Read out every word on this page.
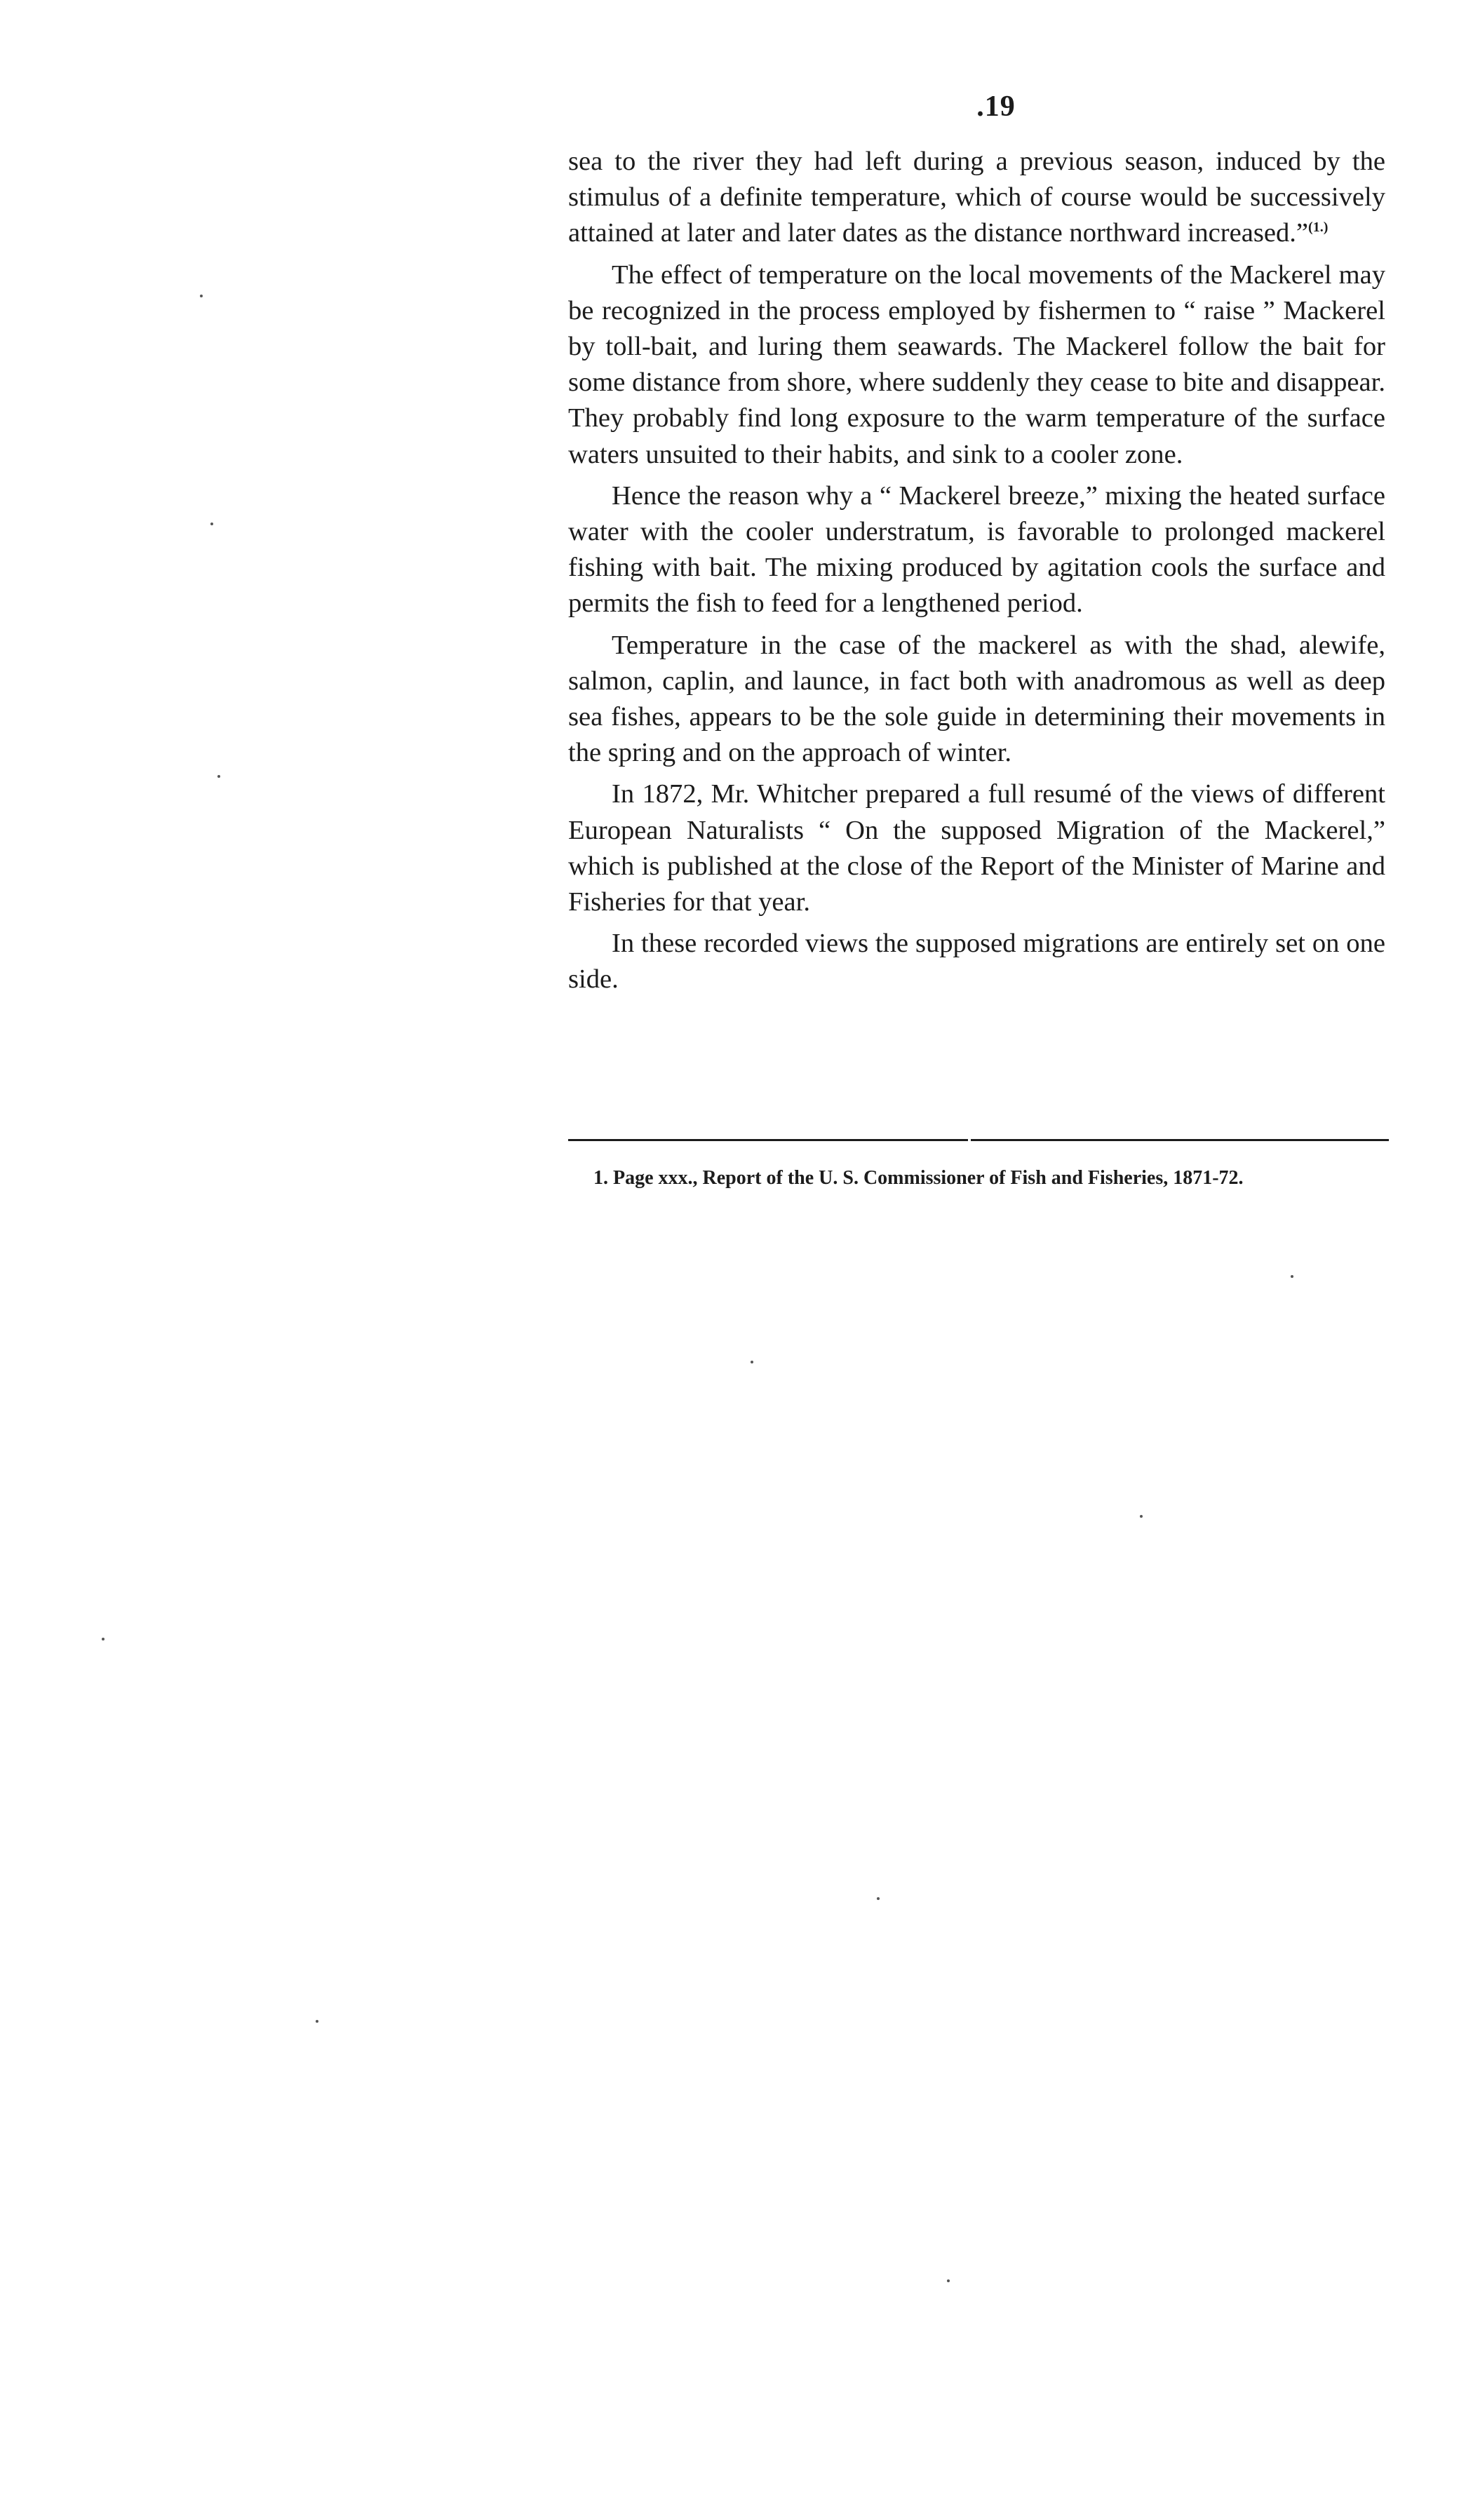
.19

sea to the river they had left during a previous season, induced by the stimulus of a definite temperature, which of course would be successively attained at later and later dates as the distance northward increased.”$^{(1.)}$

The effect of temperature on the local movements of the Mackerel may be recognized in the process employed by fishermen to “ raise ” Mackerel by toll-bait, and luring them seawards. The Mackerel follow the bait for some distance from shore, where suddenly they cease to bite and disappear. They probably find long exposure to the warm temperature of the surface waters unsuited to their habits, and sink to a cooler zone.

Hence the reason why a “ Mackerel breeze,” mixing the heated surface water with the cooler understratum, is favorable to prolonged mackerel fishing with bait. The mixing produced by agitation cools the surface and permits the fish to feed for a lengthened period.

Temperature in the case of the mackerel as with the shad, alewife, salmon, caplin, and launce, in fact both with anadromous as well as deep sea fishes, appears to be the sole guide in determining their movements in the spring and on the approach of winter.

In 1872, Mr. Whitcher prepared a full resumé of the views of different European Naturalists “ On the supposed Migration of the Mackerel,” which is published at the close of the Report of the Minister of Marine and Fisheries for that year.

In these recorded views the supposed migrations are entirely set on one side.

1. Page xxx., Report of the U. S. Commissioner of Fish and Fisheries, 1871-72.
